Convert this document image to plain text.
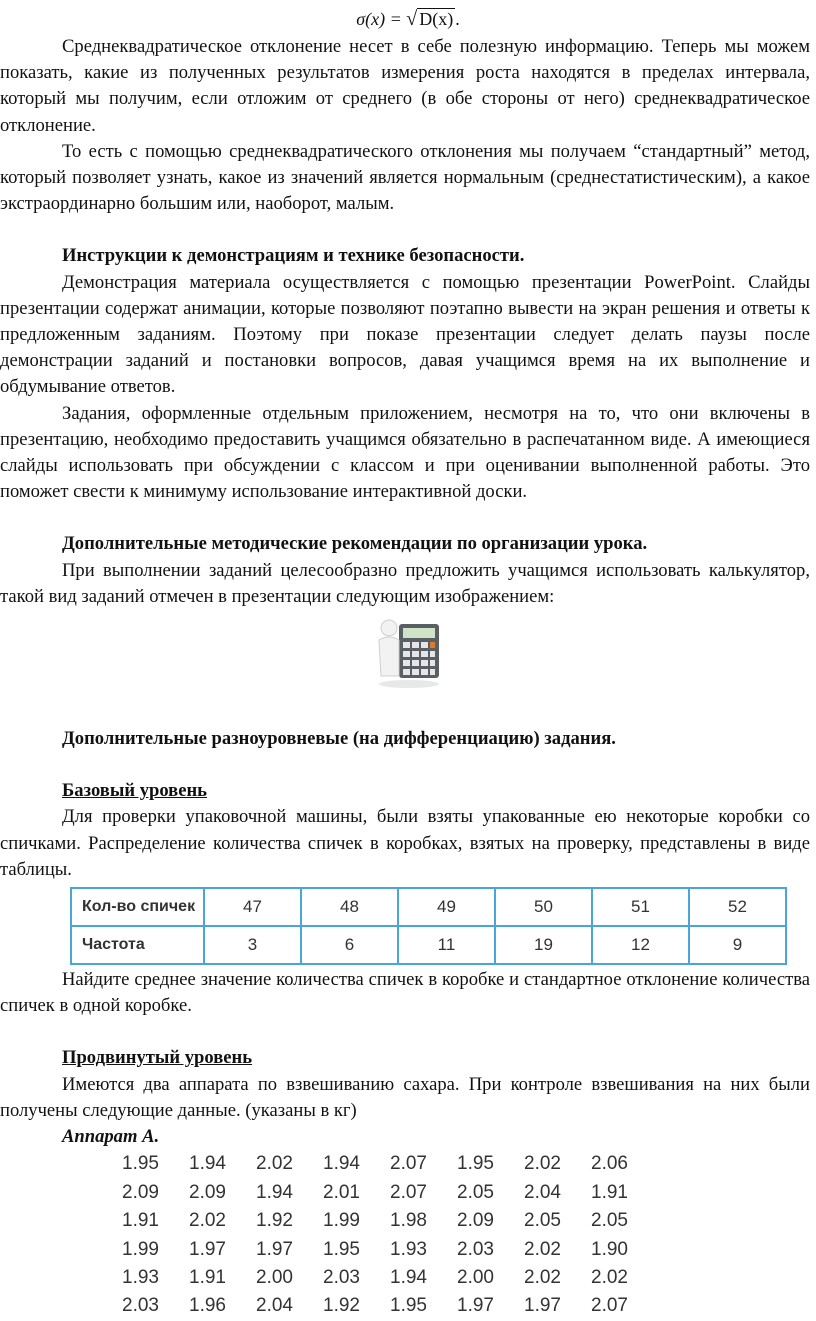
σ(x) = √ D(x) .

Среднеквадратическое отклонение несет в себе полезную информацию. Теперь мы можем показать, какие из полученных результатов измерения роста находятся в пределах интервала, который мы получим, если отложим от среднего (в обе стороны от него) среднеквадратическое отклонение.

То есть с помощью среднеквадратического отклонения мы получаем “стандартный” метод, который позволяет узнать, какое из значений является нормальным (среднестатистическим), а какое экстраординарно большим или, наоборот, малым.

Инструкции к демонстрациям и технике безопасности.

Демонстрация материала осуществляется с помощью презентации PowerPoint. Слайды презентации содержат анимации, которые позволяют поэтапно вывести на экран решения и ответы к предложенным заданиям. Поэтому при показе презентации следует делать паузы после демонстрации заданий и постановки вопросов, давая учащимся время на их выполнение и обдумывание ответов.

Задания, оформленные отдельным приложением, несмотря на то, что они включены в презентацию, необходимо предоставить учащимся обязательно в распечатанном виде. А имеющиеся слайды использовать при обсуждении с классом и при оценивании выполненной работы. Это поможет свести к минимуму использование интерактивной доски.

Дополнительные методические рекомендации по организации урока.

При выполнении заданий целесообразно предложить учащимся использовать калькулятор, такой вид заданий отмечен в презентации следующим изображением:

Дополнительные разноуровневые (на дифференциацию) задания.
Базовый уровень

Для проверки упаковочной машины, были взяты упакованные ею некоторые коробки со спичками. Распределение количества спичек в коробках, взятых на проверку, представлены в виде таблицы.

Кол-во спичек	47	48	49	50	51	52
Частота	3	6	11	19	12	9

Найдите среднее значение количества спичек в коробке и стандартное отклонение количества спичек в одной коробке.

Продвинутый уровень

Имеются два аппарата по взвешиванию сахара. При контроле взвешивания на них были получены следующие данные. (указаны в кг)

Аппарат А.
1.95	1.94	2.02	1.94	2.07	1.95	2.02	2.06
2.09	2.09	1.94	2.01	2.07	2.05	2.04	1.91
1.91	2.02	1.92	1.99	1.98	2.09	2.05	2.05
1.99	1.97	1.97	1.95	1.93	2.03	2.02	1.90
1.93	1.91	2.00	2.03	1.94	2.00	2.02	2.02
2.03	1.96	2.04	1.92	1.95	1.97	1.97	2.07
